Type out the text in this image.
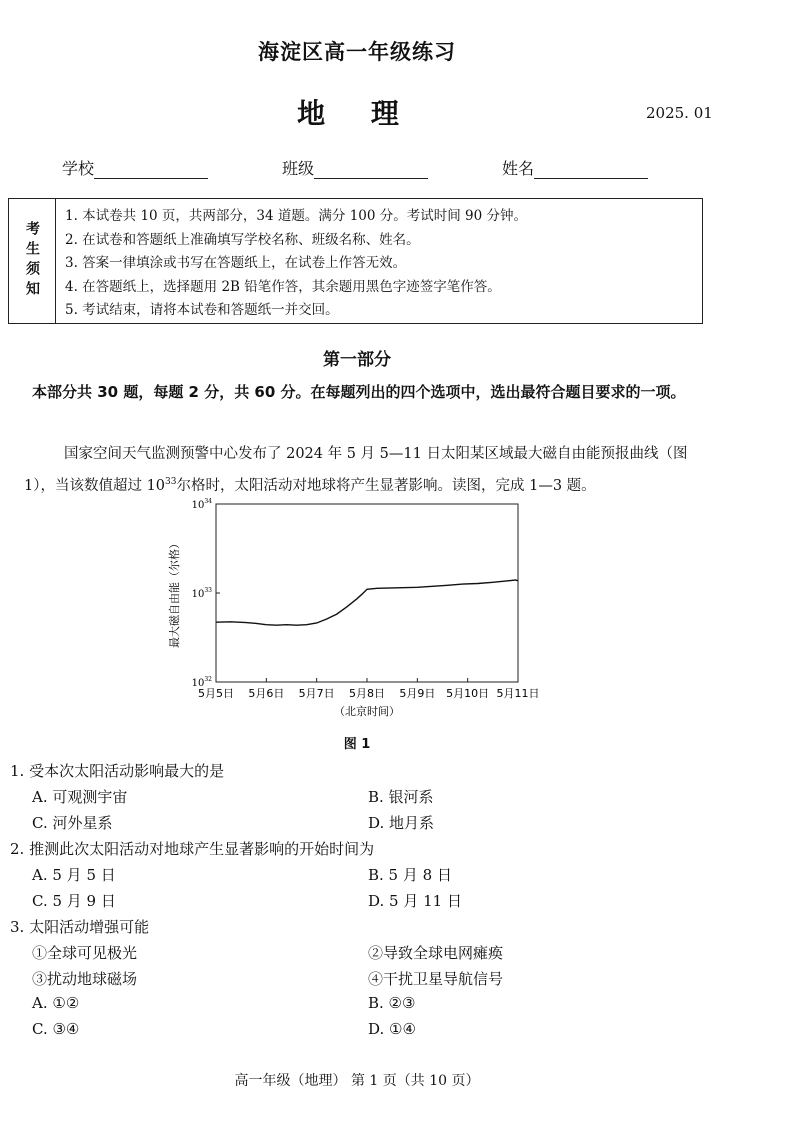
海淀区高一年级练习
地 理	2025. 01
学校	班级	姓名
考生须知
1. 本试卷共 10 页，共两部分，34 道题。满分 100 分。考试时间 90 分钟。
2. 在试卷和答题纸上准确填写学校名称、班级名称、姓名。
3. 答案一律填涂或书写在答题纸上，在试卷上作答无效。
4. 在答题纸上，选择题用 2B 铅笔作答，其余题用黑色字迹签字笔作答。
5. 考试结束，请将本试卷和答题纸一并交回。
第一部分
本部分共 30 题，每题 2 分，共 60 分。在每题列出的四个选项中，选出最符合题目要求的一项。
国家空间天气监测预警中心发布了 2024 年 5 月 5—11 日太阳某区域最大磁自由能预报曲线（图 1），当该数值超过 $10^{33}$尔格时，太阳活动对地球将产生显著影响。读图，完成 1—3 题。
$10^{32}$
$10^{33}$
$10^{34}$
5月5日 5月6日 5月7日 5月8日 5月9日 5月10日 5月11日
（北京时间）
最大磁自由能（尔格）
图 1
1. 受本次太阳活动影响最大的是
A. 可观测宇宙	B. 银河系
C. 河外星系	D. 地月系
2. 推测此次太阳活动对地球产生显著影响的开始时间为
A. 5 月 5 日	B. 5 月 8 日
C. 5 月 9 日	D. 5 月 11 日
3. 太阳活动增强可能
①全球可见极光	②导致全球电网瘫痪
③扰动地球磁场	④干扰卫星导航信号
A. ①②	B. ②③
C. ③④	D. ①④
高一年级（地理） 第 1 页（共 10 页）
